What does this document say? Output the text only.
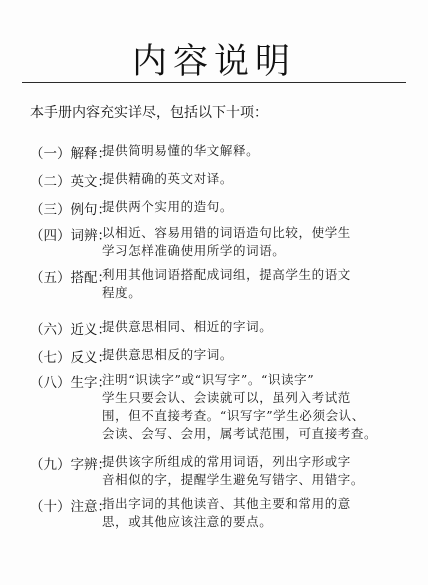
内容说明
本手册内容充实详尽，包括以下十项：
（一）解释：
提供简明易懂的华文解释。
（二）英文：
提供精确的英文对译。
（三）例句：
提供两个实用的造句。
（四）词辨：
以相近、容易用错的词语造句比较，使学生
学习怎样准确使用所学的词语。
（五）搭配：
利用其他词语搭配成词组，提高学生的语文
程度。
（六）近义：
提供意思相同、相近的字词。
（七）反义：
提供意思相反的字词。
（八）生字：
注明“识读字”或“识写字”。“识读字”
学生只要会认、会读就可以，虽列入考试范
围，但不直接考查。“识写字”学生必须会认、
会读、会写、会用，属考试范围，可直接考查。
（九）字辨：
提供该字所组成的常用词语，列出字形或字
音相似的字，提醒学生避免写错字、用错字。
（十）注意：
指出字词的其他读音、其他主要和常用的意
思，或其他应该注意的要点。
